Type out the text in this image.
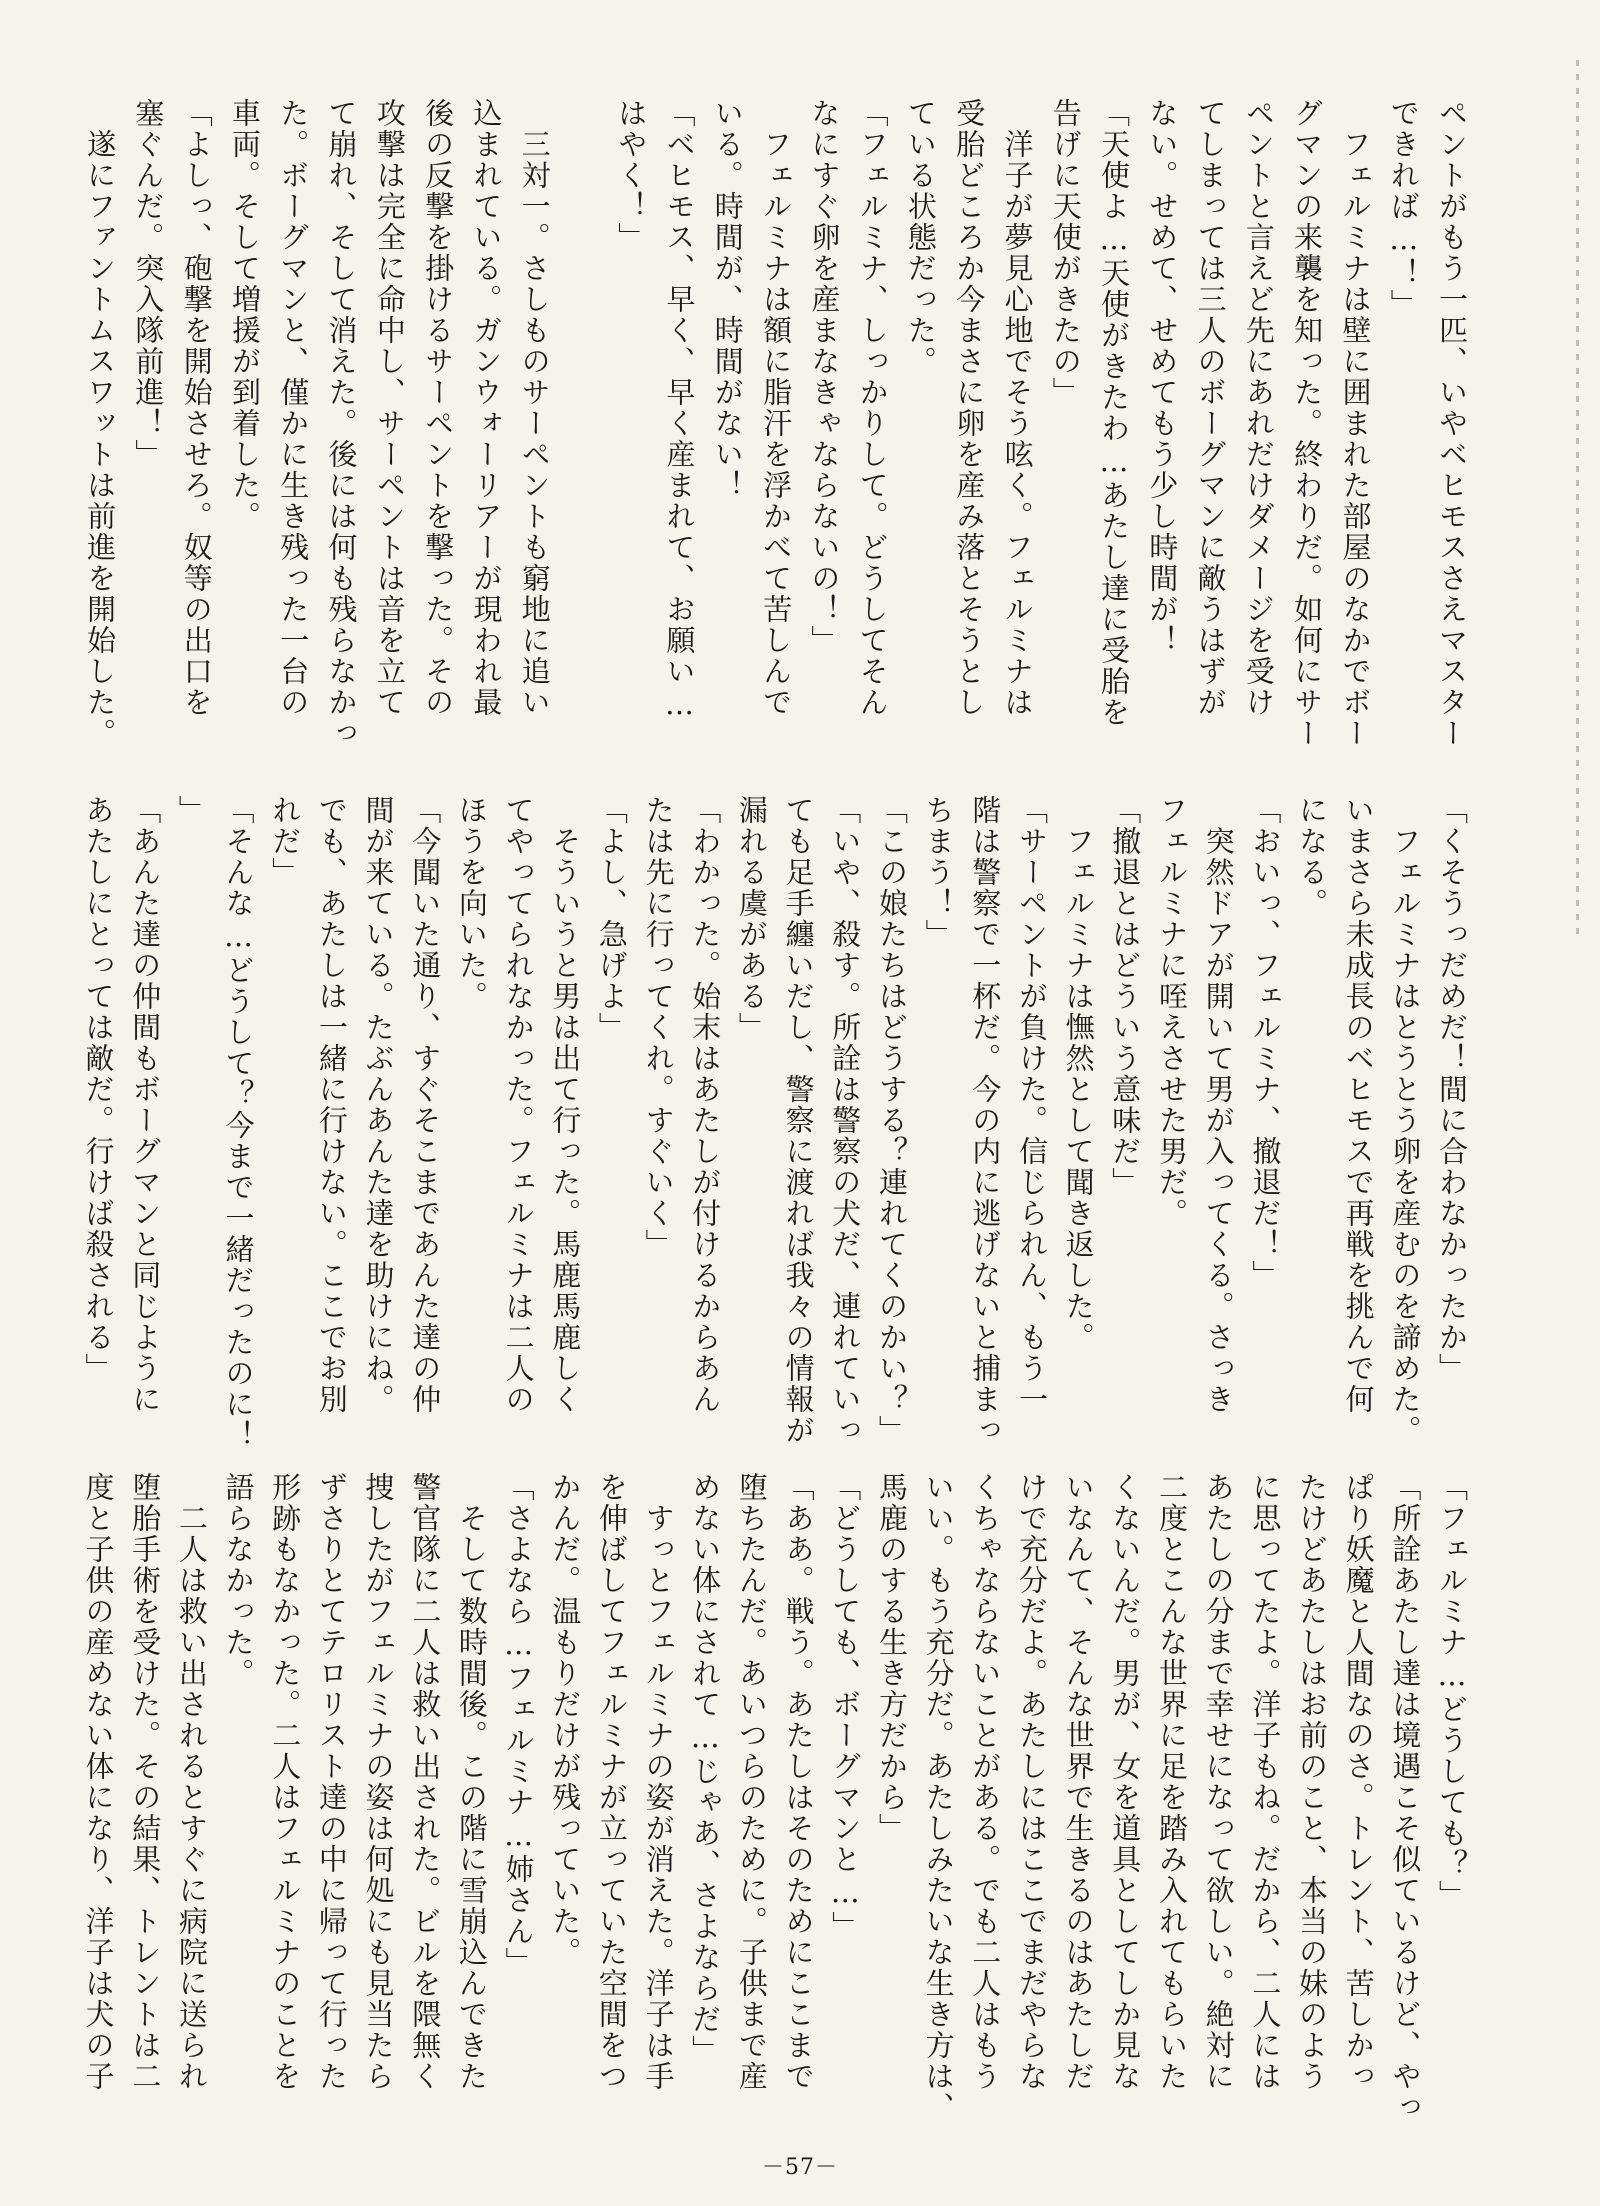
ペントがもう一匹、いやベヒモスさえマスター
できれば…！」
　フェルミナは壁に囲まれた部屋のなかでボー
グマンの来襲を知った。終わりだ。如何にサー
ペントと言えど先にあれだけダメージを受け
てしまっては三人のボーグマンに敵うはずが
ない。せめて、せめてもう少し時間が！
「天使よ…天使がきたわ…あたし達に受胎を
告げに天使がきたの」
　洋子が夢見心地でそう呟く。フェルミナは
受胎どころか今まさに卵を産み落とそうとし
ている状態だった。
「フェルミナ、しっかりして。どうしてそん
なにすぐ卵を産まなきゃならないの！」
　フェルミナは額に脂汗を浮かべて苦しんで
いる。時間が、時間がない！
「ベヒモス、早く、早く産まれて、お願い…
はやく！」
　三対一。さしものサーペントも窮地に追い
込まれている。ガンウォーリアーが現われ最
後の反撃を掛けるサーペントを撃った。その
攻撃は完全に命中し、サーペントは音を立て
て崩れ、そして消えた。後には何も残らなかっ
た。ボーグマンと、僅かに生き残った一台の
車両。そして増援が到着した。
「よしっ、砲撃を開始させろ。奴等の出口を
塞ぐんだ。突入隊前進！」
　遂にファントムスワットは前進を開始した。
「くそうっだめだ！間に合わなかったか」
　フェルミナはとうとう卵を産むのを諦めた。
いまさら未成長のベヒモスで再戦を挑んで何
になる。
「おいっ、フェルミナ、撤退だ！」
　突然ドアが開いて男が入ってくる。さっき
フェルミナに咥えさせた男だ。
「撤退とはどういう意味だ」
　フェルミナは憮然として聞き返した。
「サーペントが負けた。信じられん、もう一
階は警察で一杯だ。今の内に逃げないと捕まっ
ちまう！」
「この娘たちはどうする？連れてくのかい？」
「いや、殺す。所詮は警察の犬だ、連れていっ
ても足手纏いだし、警察に渡れば我々の情報が
漏れる虞がある」
「わかった。始末はあたしが付けるからあん
たは先に行ってくれ。すぐいく」
「よし、急げよ」
　そういうと男は出て行った。馬鹿馬鹿しく
てやってられなかった。フェルミナは二人の
ほうを向いた。
「今聞いた通り、すぐそこまであんた達の仲
間が来ている。たぶんあんた達を助けにね。
でも、あたしは一緒に行けない。ここでお別
れだ」
「そんな…どうして？今まで一緒だったのに！
」
「あんた達の仲間もボーグマンと同じように
あたしにとっては敵だ。行けば殺される」
「フェルミナ…どうしても？」
「所詮あたし達は境遇こそ似ているけど、やっ
ぱり妖魔と人間なのさ。トレント、苦しかっ
たけどあたしはお前のこと、本当の妹のよう
に思ってたよ。洋子もね。だから、二人には
あたしの分まで幸せになって欲しい。絶対に
二度とこんな世界に足を踏み入れてもらいた
くないんだ。男が、女を道具としてしか見な
いなんて、そんな世界で生きるのはあたしだ
けで充分だよ。あたしにはここでまだやらな
くちゃならないことがある。でも二人はもう
いい。もう充分だ。あたしみたいな生き方は、
馬鹿のする生き方だから」
「どうしても、ボーグマンと…」
「ああ。戦う。あたしはそのためにここまで
堕ちたんだ。あいつらのために。子供まで産
めない体にされて…じゃあ、さよならだ」
　すっとフェルミナの姿が消えた。洋子は手
を伸ばしてフェルミナが立っていた空間をつ
かんだ。温もりだけが残っていた。
「さよなら…フェルミナ…姉さん」
　そして数時間後。この階に雪崩込んできた
警官隊に二人は救い出された。ビルを隈無く
捜したがフェルミナの姿は何処にも見当たら
ずさりとてテロリスト達の中に帰って行った
形跡もなかった。二人はフェルミナのことを
語らなかった。
　二人は救い出されるとすぐに病院に送られ
堕胎手術を受けた。その結果、トレントは二
度と子供の産めない体になり、洋子は犬の子
－57－
